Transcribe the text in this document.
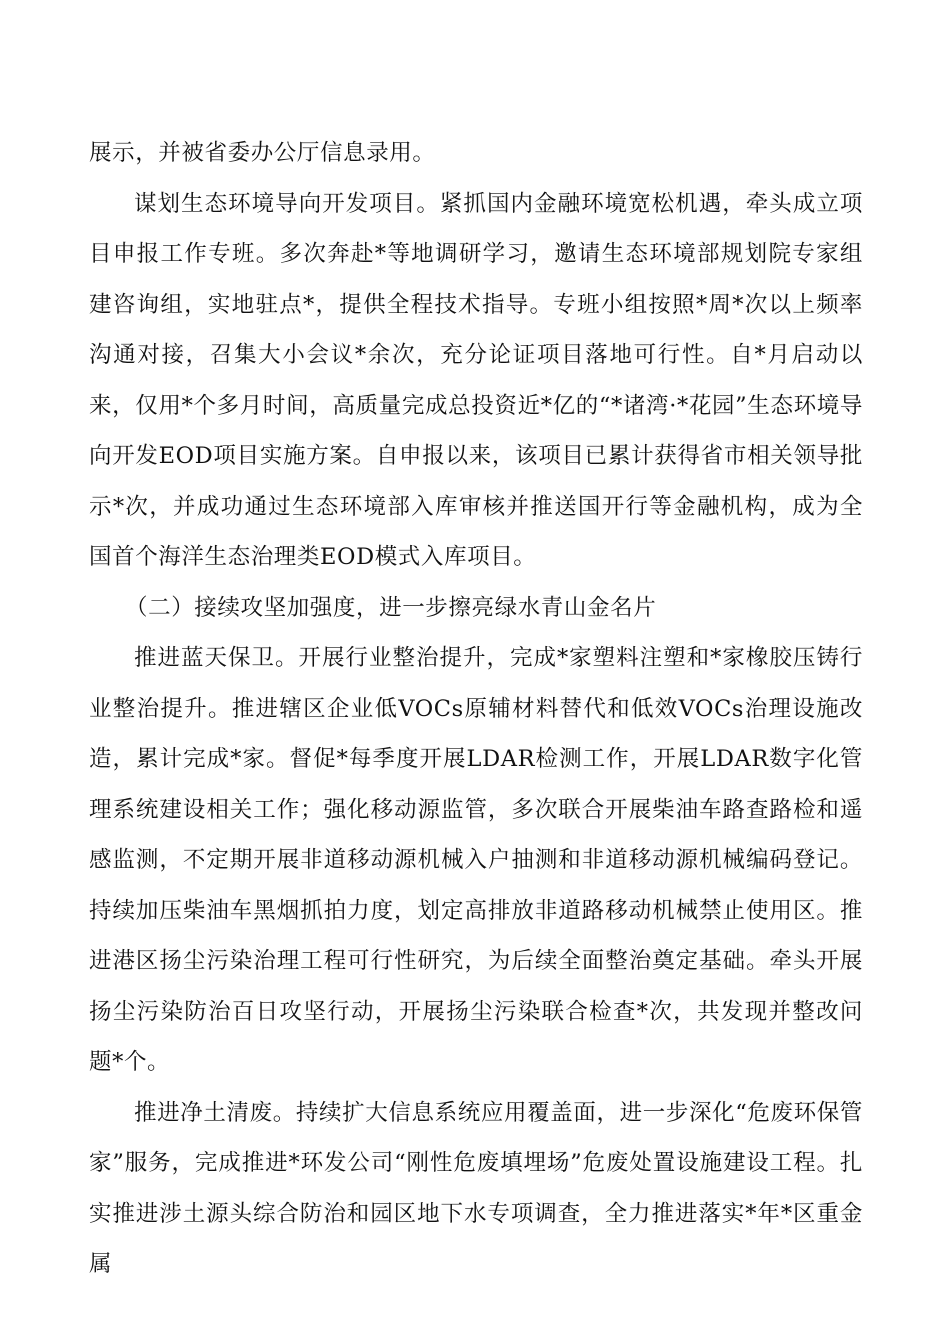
展示，并被省委办公厅信息录用。

谋划生态环境导向开发项目。紧抓国内金融环境宽松机遇，牵头成立项目申报工作专班。多次奔赴*等地调研学习，邀请生态环境部规划院专家组建咨询组，实地驻点*，提供全程技术指导。专班小组按照*周*次以上频率沟通对接，召集大小会议*余次，充分论证项目落地可行性。自*月启动以来，仅用*个多月时间，高质量完成总投资近*亿的“*诸湾·*花园”生态环境导向开发EOD项目实施方案。自申报以来，该项目已累计获得省市相关领导批示*次，并成功通过生态环境部入库审核并推送国开行等金融机构，成为全国首个海洋生态治理类EOD模式入库项目。

（二）接续攻坚加强度，进一步擦亮绿水青山金名片

推进蓝天保卫。开展行业整治提升，完成*家塑料注塑和*家橡胶压铸行业整治提升。推进辖区企业低VOCs原辅材料替代和低效VOCs治理设施改造，累计完成*家。督促*每季度开展LDAR检测工作，开展LDAR数字化管理系统建设相关工作；强化移动源监管，多次联合开展柴油车路查路检和遥感监测，不定期开展非道移动源机械入户抽测和非道移动源机械编码登记。持续加压柴油车黑烟抓拍力度，划定高排放非道路移动机械禁止使用区。推进港区扬尘污染治理工程可行性研究，为后续全面整治奠定基础。牵头开展扬尘污染防治百日攻坚行动，开展扬尘污染联合检查*次，共发现并整改问题*个。

推进净土清废。持续扩大信息系统应用覆盖面，进一步深化“危废环保管家”服务，完成推进*环发公司“刚性危废填埋场”危废处置设施建设工程。扎实推进涉土源头综合防治和园区地下水专项调查，全力推进落实*年*区重金属
